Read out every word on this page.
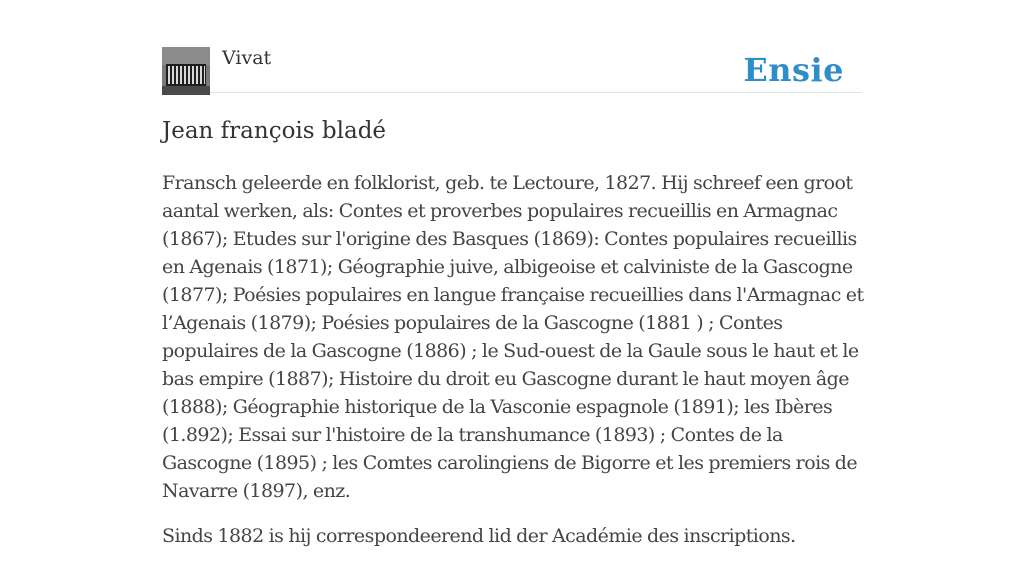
Vivat	Ensie
Jean françois bladé

Fransch geleerde en folklorist, geb. te Lectoure, 1827. Hij schreef een groot aantal werken, als: Contes et proverbes populaires recueillis en Armagnac (1867); Etudes sur l'origine des Basques (1869): Contes populaires recueillis en Agenais (1871); Géographie juive, albigeoise et calviniste de la Gascogne (1877); Poésies populaires en langue française recueillies dans l'Armagnac et l’Agenais (1879); Poésies populaires de la Gascogne (1881 ) ; Contes populaires de la Gascogne (1886) ; le Sud-ouest de la Gaule sous le haut et le bas empire (1887); Histoire du droit eu Gascogne durant le haut moyen âge (1888); Géographie historique de la Vasconie espagnole (1891); les Ibères (1.892); Essai sur l'histoire de la transhumance (1893) ; Contes de la Gascogne (1895) ; les Comtes carolingiens de Bigorre et les premiers rois de Navarre (1897), enz.

Sinds 1882 is hij correspondeerend lid der Académie des inscriptions.
